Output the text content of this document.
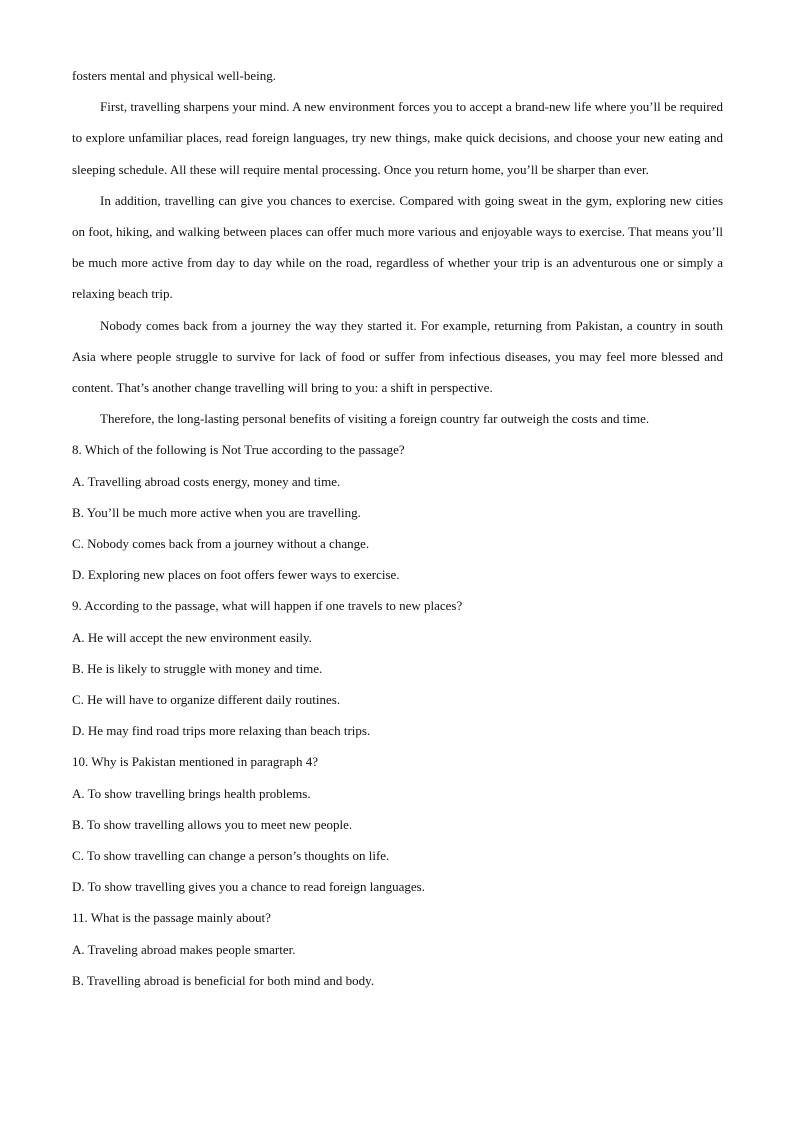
fosters mental and physical well-being.

First, travelling sharpens your mind. A new environment forces you to accept a brand-new life where you’ll be required to explore unfamiliar places, read foreign languages, try new things, make quick decisions, and choose your new eating and sleeping schedule. All these will require mental processing. Once you return home, you’ll be sharper than ever.

In addition, travelling can give you chances to exercise. Compared with going sweat in the gym, exploring new cities on foot, hiking, and walking between places can offer much more various and enjoyable ways to exercise. That means you’ll be much more active from day to day while on the road, regardless of whether your trip is an adventurous one or simply a relaxing beach trip.

Nobody comes back from a journey the way they started it. For example, returning from Pakistan, a country in south Asia where people struggle to survive for lack of food or suffer from infectious diseases, you may feel more blessed and content. That’s another change travelling will bring to you: a shift in perspective.

Therefore, the long-lasting personal benefits of visiting a foreign country far outweigh the costs and time.

8. Which of the following is Not True according to the passage?

A. Travelling abroad costs energy, money and time.

B. You’ll be much more active when you are travelling.

C. Nobody comes back from a journey without a change.

D. Exploring new places on foot offers fewer ways to exercise.

9. According to the passage, what will happen if one travels to new places?

A. He will accept the new environment easily.

B. He is likely to struggle with money and time.

C. He will have to organize different daily routines.

D. He may find road trips more relaxing than beach trips.

10. Why is Pakistan mentioned in paragraph 4?

A. To show travelling brings health problems.

B. To show travelling allows you to meet new people.

C. To show travelling can change a person’s thoughts on life.

D. To show travelling gives you a chance to read foreign languages.

11. What is the passage mainly about?

A. Traveling abroad makes people smarter.

B. Travelling abroad is beneficial for both mind and body.
